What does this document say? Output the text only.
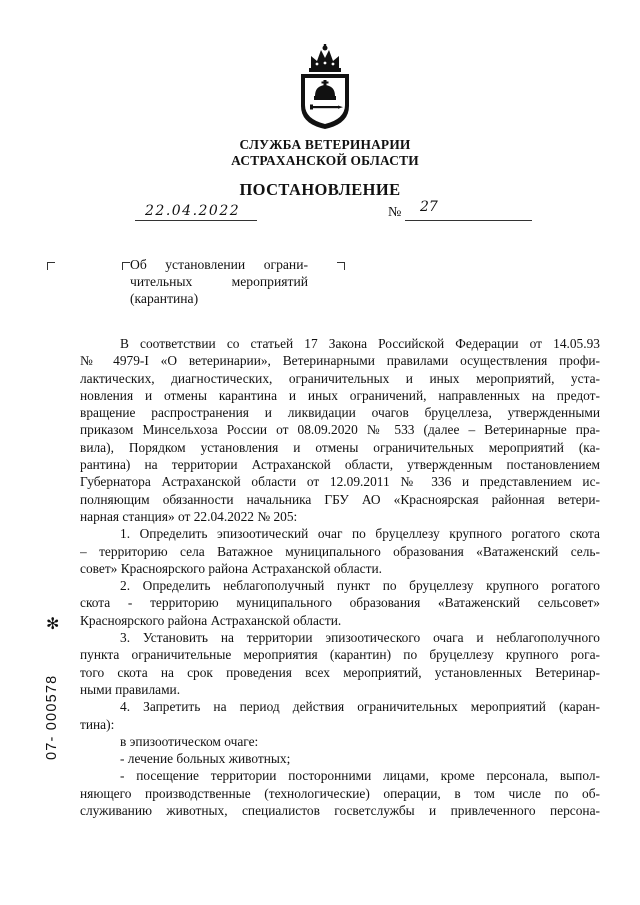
СЛУЖБА ВЕТЕРИНАРИИ
АСТРАХАНСКОЙ ОБЛАСТИ
ПОСТАНОВЛЕНИЕ
22.04.2022	№ 27
Об установлении ограни-
чительных мероприятий
(карантина)
В соответствии со статьей 17 Закона Российской Федерации от 14.05.93
№ 4979-I «О ветеринарии», Ветеринарными правилами осуществления профи-
лактических, диагностических, ограничительных и иных мероприятий, уста-
новления и отмены карантина и иных ограничений, направленных на предот-
вращение распространения и ликвидации очагов бруцеллеза, утвержденными
приказом Минсельхоза России от 08.09.2020 № 533 (далее – Ветеринарные пра-
вила), Порядком установления и отмены ограничительных мероприятий (ка-
рантина) на территории Астраханской области, утвержденным постановлением
Губернатора Астраханской области от 12.09.2011 № 336 и представлением ис-
полняющим обязанности начальника ГБУ АО «Красноярская районная ветери-
нарная станция» от 22.04.2022 № 205:
1. Определить эпизоотический очаг по бруцеллезу крупного рогатого скота
– территорию села Ватажное муниципального образования «Ватаженский сель-
совет» Красноярского района Астраханской области.
2. Определить неблагополучный пункт по бруцеллезу крупного рогатого
скота - территорию муниципального образования «Ватаженский сельсовет»
Красноярского района Астраханской области.
3. Установить на территории эпизоотического очага и неблагополучного
пункта ограничительные мероприятия (карантин) по бруцеллезу крупного рога-
того скота на срок проведения всех мероприятий, установленных Ветеринар-
ными правилами.
4. Запретить на период действия ограничительных мероприятий (каран-
тина):
в эпизоотическом очаге:
- лечение больных животных;
- посещение территории посторонними лицами, кроме персонала, выпол-
няющего производственные (технологические) операции, в том числе по об-
служиванию животных, специалистов госветслужбы и привлеченного персона-
✻
07- 000578
